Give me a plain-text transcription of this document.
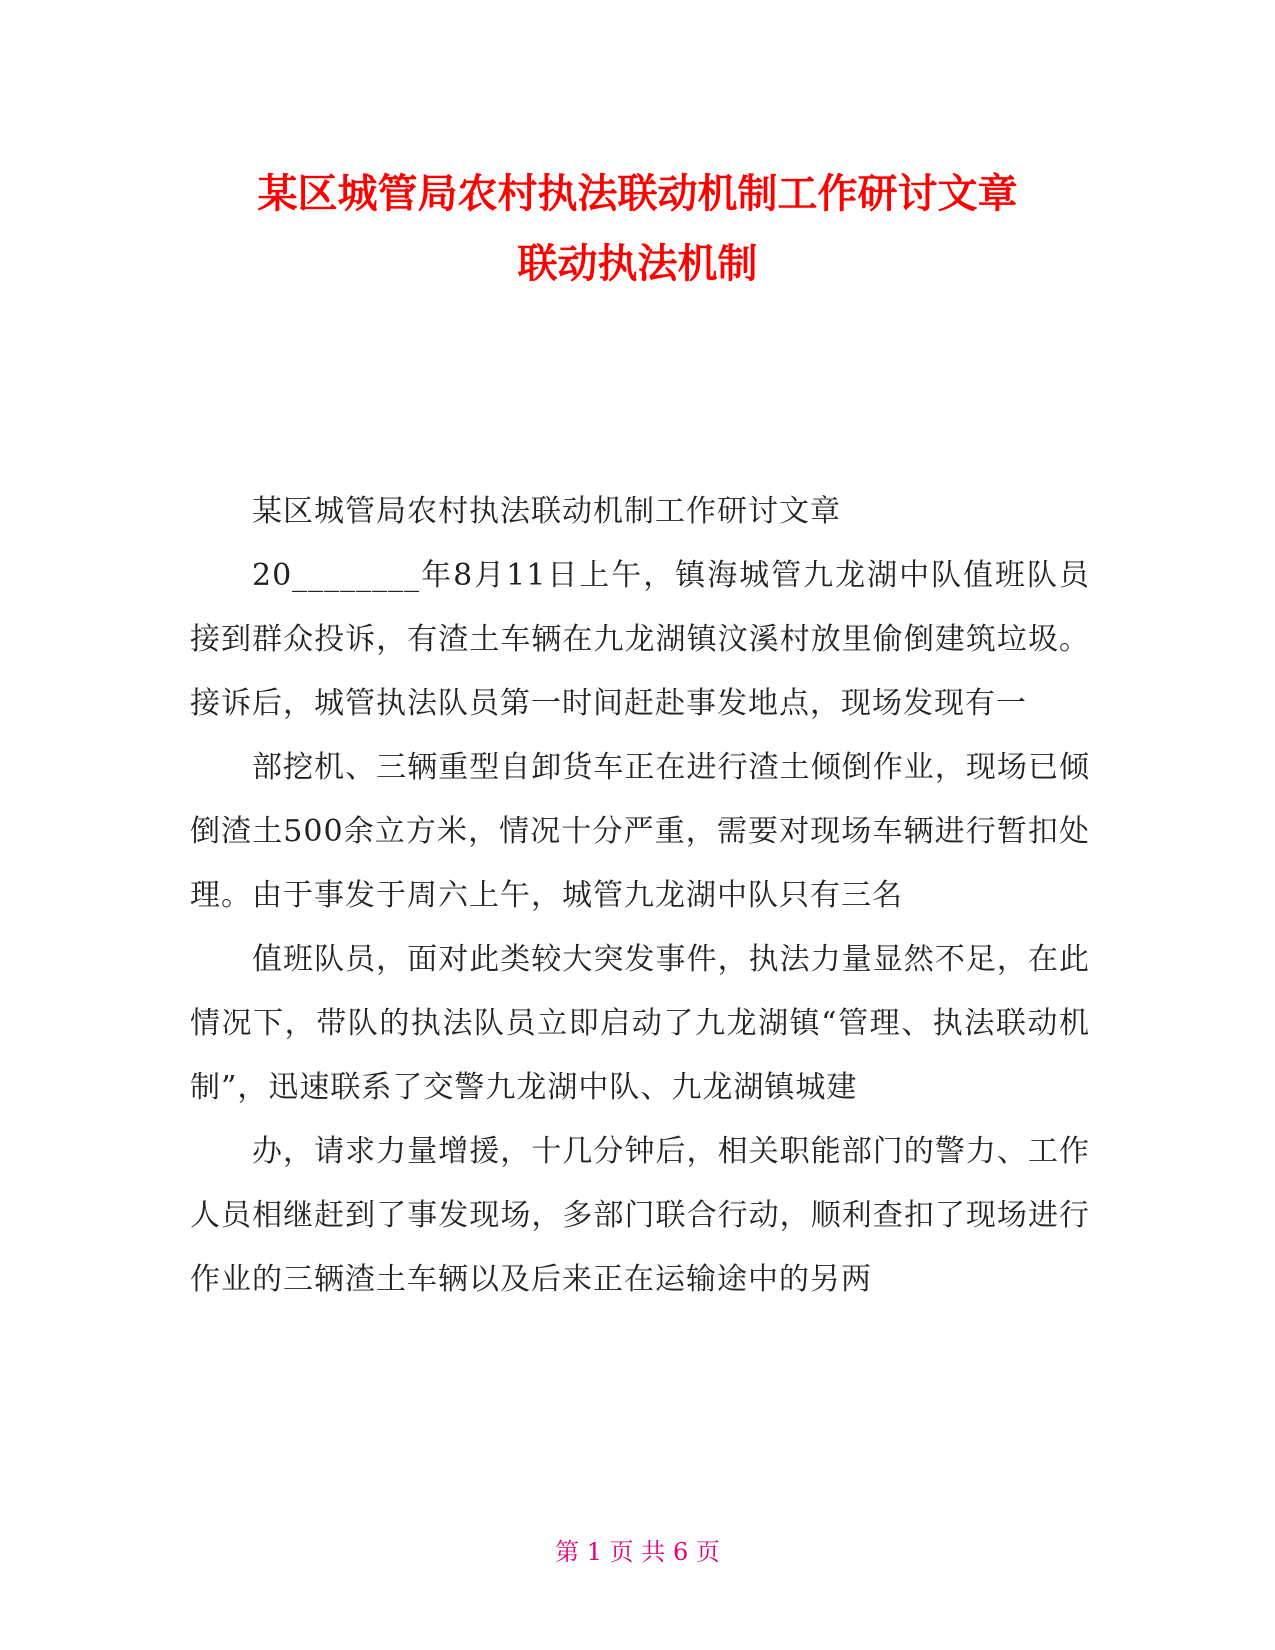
某区城管局农村执法联动机制工作研讨文章
联动执法机制

某区城管局农村执法联动机制工作研讨文章

20________年8月11日上午，镇海城管九龙湖中队值班队员接到群众投诉，有渣土车辆在九龙湖镇汶溪村放里偷倒建筑垃圾。接诉后，城管执法队员第一时间赶赴事发地点，现场发现有一

部挖机、三辆重型自卸货车正在进行渣土倾倒作业，现场已倾倒渣土500余立方米，情况十分严重，需要对现场车辆进行暂扣处理。由于事发于周六上午，城管九龙湖中队只有三名

值班队员，面对此类较大突发事件，执法力量显然不足，在此情况下，带队的执法队员立即启动了九龙湖镇“管理、执法联动机制”，迅速联系了交警九龙湖中队、九龙湖镇城建

办，请求力量增援，十几分钟后，相关职能部门的警力、工作人员相继赶到了事发现场，多部门联合行动，顺利查扣了现场进行作业的三辆渣土车辆以及后来正在运输途中的另两

第 1 页 共 6 页
